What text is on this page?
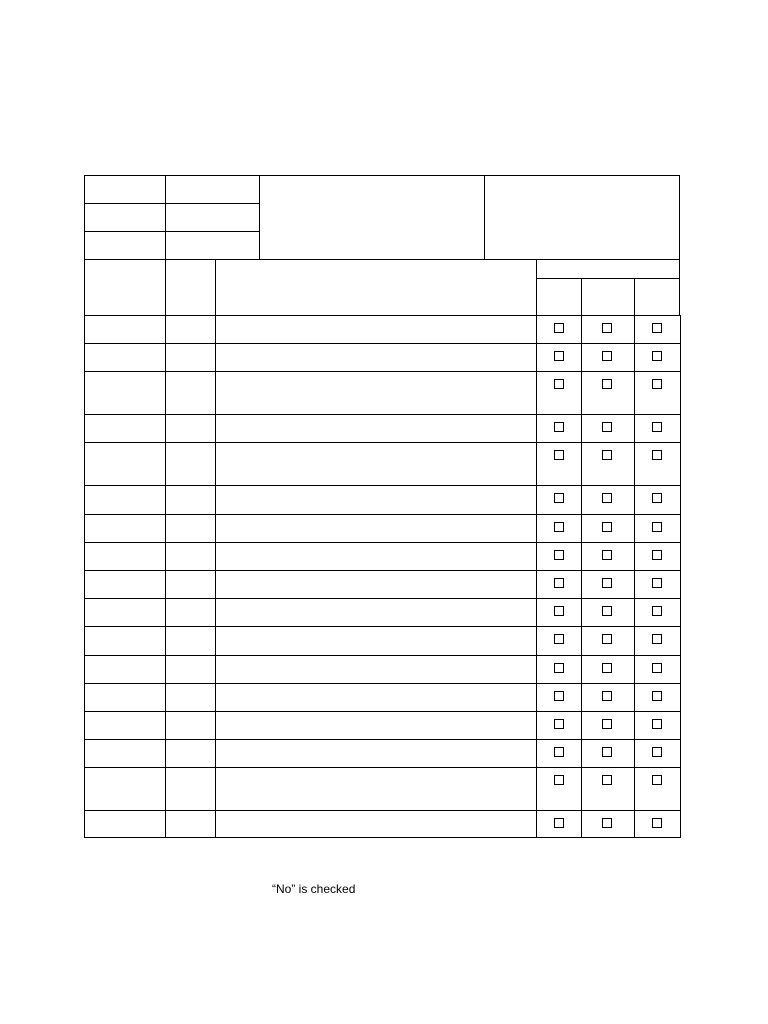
“No” is checked
